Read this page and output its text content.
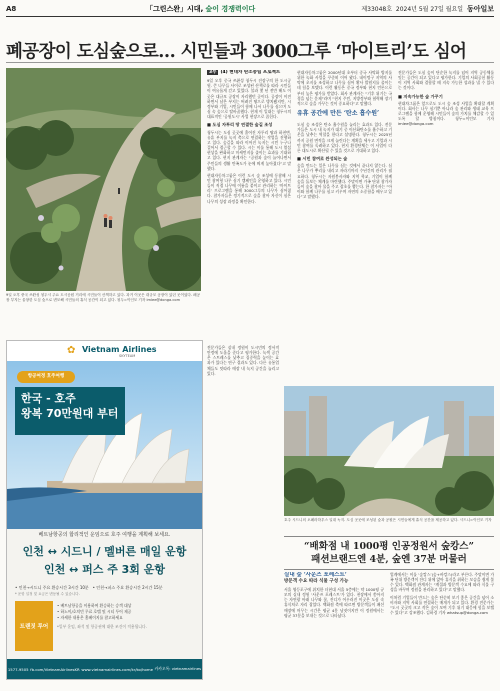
A8	「그린스완」시대, 숲이 경쟁력이다	제33048호 2024년 5월 27일 월요일 동아일보
폐공장이 도심숲으로… 시민들과 3000그루 ‘마이트리’도 심어
9일 오후 중국 쓰촨성 청두시 주요 도시공원 거리에 시민들이 산책하고 있다. 과거 이곳은 대규모 공장이 있던 곳이었다. 폐공장 부지는 울창한 도심 숲으로 변모해 시민들의 휴식 공간이 되고 있다. 청두=이인모 기자 imlee@donga.com
3부 (4) 현대차 탄소중립 프로젝트

9일 오후 중국 쓰촨성 청두시 진장구의 한 도시공원. 큰 나무들 사이로 조성된 산책로를 따라 시민들이 여유롭게 걷고 있었다. 불과 몇 년 전만 해도 이곳은 대규모 공장이 자리했던 곳이다. 공장이 이전하면서 남은 부지는 버려진 땅으로 방치됐지만, 시 정부와 기업, 시민들이 함께 나서 나무를 심으며 도심 속 숲으로 탈바꿈했다. 현재 이 일대는 청두시의 대표적인 ‘공원도시’ 사업 현장으로 꼽힌다.

■ 도심 자투리 땅 연결한 숲길 조성

청두시는 도심 곳곳에 흩어진 자투리 땅과 하천변, 유휴 부지를 녹지 축으로 연결하는 작업을 진행하고 있다. 숲길을 따라 이어진 녹지는 시민 누구나 걸어서 접근할 수 있다. 시는 이를 통해 도시 열섬 현상을 완화하고 미세먼지를 줄이는 효과를 기대하고 있다. 현지 관계자는 “공원과 숲이 늘어나면서 주민들의 생활 만족도가 눈에 띄게 높아졌다”고 말했다.

현대자동차그룹은 이런 도시 숲 조성에 동참해 시민 참여형 나무 심기 캠페인을 운영하고 있다. 시민들이 직접 나무에 이름을 붙이고 관리하는 ‘마이트리’ 프로그램을 통해 3000그루의 나무가 심어졌다. 참가자들은 정기적으로 숲을 찾아 자신이 심은 나무의 성장 과정을 확인한다.

현대자동차그룹은 2000년대 초부터 중국 사막화 방지를 위한 녹화 사업을 꾸준히 이어 왔다. 네이멍구 지역의 사막에 초지를 조성하고 나무를 심어 황사 발원지를 줄이는 데 힘을 보탰다. 이런 활동은 중국 정부와 현지 언론으로부터 높은 평가를 받았다. 회사 관계자는 “기후 위기는 국경을 넘는 문제”라며 “현지 주민, 지방정부와 협력해 장기적으로 숲을 가꾸는 것이 중요하다”고 말했다.

유휴 공간에 만든 ‘탄소 흡수원’

도심 숲 조성은 탄소 흡수원을 늘리는 효과도 있다. 전문가들은 도시 내 녹지가 대기 중 이산화탄소를 흡수하고 기온을 낮추는 역할을 한다고 설명한다. 청두시는 2025년까지 공원 면적을 크게 늘린다는 계획을 세우고 기업과 시민 참여를 독려하고 있다. 현지 환경단체는 이 사업이 다른 대도시로 확산될 수 있을 것으로 기대하고 있다.

■ 시민 참여로 완성되는 숲

숲을 만드는 일은 나무를 심는 것에서 끝나지 않는다. 심은 나무가 뿌리를 내리고 자라기까지 수년간의 관리가 필요하다. 청두시는 자원봉사자와 지역 학교, 기업이 함께 숲을 돌보는 체계를 마련했다. 주말이면 가족 단위 참가자들이 숲을 찾아 물을 주고 잡초를 뽑는다. 한 참가자는 “아이와 함께 나무를 심고 키우며 자연의 소중함을 배우고 있다”고 말했다.

전문가들은 도심 숲이 단순한 녹지를 넘어 지역 공동체를 잇는 공간이 되고 있다고 평가한다. 기업의 사회공헌 활동이 지역 사회와 결합할 때 지속 가능한 성과를 낼 수 있다는 것이다.

■ 지속가능한 숲 가꾸기

현대차그룹은 앞으로도 도시 숲 조성 사업을 확대할 계획이다. 회사는 나무 심기뿐 아니라 숲 관리와 생태 교육 프로그램을 함께 운영해 시민들이 숲의 가치를 체감할 수 있도록 할 방침이다. 청두=이인모 기자 imlee@donga.com

✿ Vietnam Airlines
SKYTEAM
항공여정 호주여행
한국 - 호주
왕복 70만원대 부터
베트남항공의 합리적인 운임으로 호주 여행을 계획해 보세요.
인천 ↔ 시드니 / 멜버른 매일 운항
인천 ↔ 퍼스 주 3회 운항
• 인천→시드니 주요 환승시간 3시간 10분 • 인천→퍼스 주요 환승시간 2시간 15분
* 운항 일정 및 요금은 변동될 수 있습니다.
트랜짓 투어
• 베트남항공을 이용하여 환승하는 승객 대상
• 하노이/호치민 무료 호텔 및 시티 투어 제공
• 자세한 내용은 홈페이지를 참고하세요
*일부 운임, 좌석 및 항공권에 대한 조건이 적용됩니다.
1577-9505 fb.com/VietnamAirlinesKR www.vietnamairlines.com/kr/ko/home 카카오톡: vietnamairlines

전문가들은 실내 정원이 도시민의 정서적 안정에 도움을 준다고 평가한다. 녹색 공간은 스트레스를 낮추고 집중력을 높이는 효과가 있다는 연구 결과도 있다. 다른 유통업체들도 잇따라 매장 내 녹지 공간을 늘리고 있다.

호주 시드니의 오페라하우스 일대 녹지. 도심 곳곳에 조성된 숲과 공원은 시민들에게 휴식 공간을 제공하고 있다. 시드니=이인모 기자
“배화점 내 1000평 인공정원서 숲캉스”
패션브랜드엔 4분, 숲엔 37분 머물러
실내 숲 ‘사운즈 포레스트’
방문객 수요 따라 식물 구성 가능

서울 영등포구에 위치한 더현대 서울 5층에는 약 1000평 규모의 실내 정원 ‘사운즈 포레스트’가 있다. 천장에서 쏟아지는 자연광 아래 나무와 꽃, 잔디가 어우러진 이곳은 도심 속 휴식처로 자리 잡았다. 백화점 측에 따르면 방문객들이 패션 매장에 머무는 시간은 평균 4분 남짓이지만 이 정원에서는 평균 37분을 보내는 것으로 나타났다.

업계에서는 이를 ‘숲캉스’(숲+바캉스)라고 부른다. 주말이면 가족 단위 방문객이 잔디 위에 앉아 휴식을 취하는 모습을 쉽게 볼 수 있다. 백화점 관계자는 “계절과 방문객 수요에 따라 식물 구성을 바꾸며 정원을 관리하고 있다”고 말했다.

이처럼 기업들이 만드는 숲은 단순히 보기 좋은 공간을 넘어 소비자와 지역 사회를 연결하는 매개가 되고 있다. 환경 전문가는 “도시 곳곳의 크고 작은 숲이 모여 기후 위기 대응에 힘을 보탤 수 있다”고 강조했다. 김하경 기자 whatsup@donga.com
